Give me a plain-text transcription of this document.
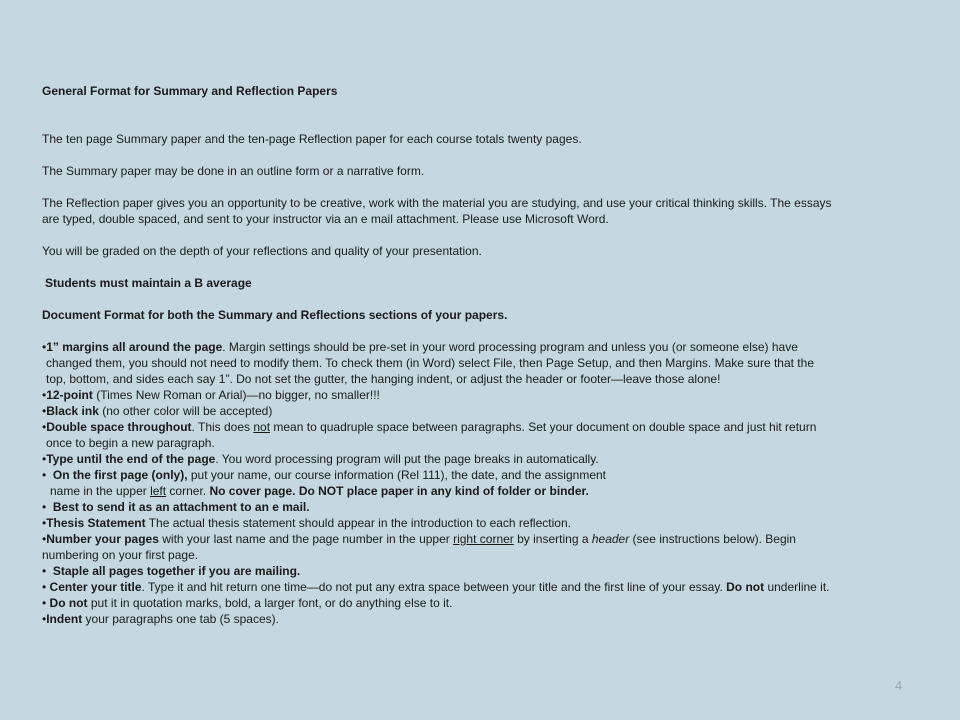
General Format for Summary and Reflection Papers
The ten page Summary paper and the ten-page Reflection paper for each course totals twenty pages.
The Summary paper may be done in an outline form or a narrative form.
The Reflection paper gives you an opportunity to be creative, work with the material you are studying, and use your critical thinking skills. The essays
are typed, double spaced, and sent to your instructor via an e mail attachment. Please use Microsoft Word.
You will be graded on the depth of your reflections and quality of your presentation.
Students must maintain a B average
Document Format for both the Summary and Reflections sections of your papers.
•1” margins all around the page. Margin settings should be pre-set in your word processing program and unless you (or someone else) have
changed them, you should not need to modify them. To check them (in Word) select File, then Page Setup, and then Margins. Make sure that the
top, bottom, and sides each say 1”. Do not set the gutter, the hanging indent, or adjust the header or footer—leave those alone!
•12-point (Times New Roman or Arial)—no bigger, no smaller!!!
•Black ink (no other color will be accepted)
•Double space throughout. This does not mean to quadruple space between paragraphs. Set your document on double space and just hit return
once to begin a new paragraph.
•Type until the end of the page. You word processing program will put the page breaks in automatically.
• On the first page (only), put your name, our course information (Rel 111), the date, and the assignment
name in the upper left corner. No cover page. Do NOT place paper in any kind of folder or binder.
• Best to send it as an attachment to an e mail.
•Thesis Statement The actual thesis statement should appear in the introduction to each reflection.
•Number your pages with your last name and the page number in the upper right corner by inserting a header (see instructions below). Begin
numbering on your first page.
• Staple all pages together if you are mailing.
• Center your title. Type it and hit return one time—do not put any extra space between your title and the first line of your essay. Do not underline it.
• Do not put it in quotation marks, bold, a larger font, or do anything else to it.
•Indent your paragraphs one tab (5 spaces).
4
